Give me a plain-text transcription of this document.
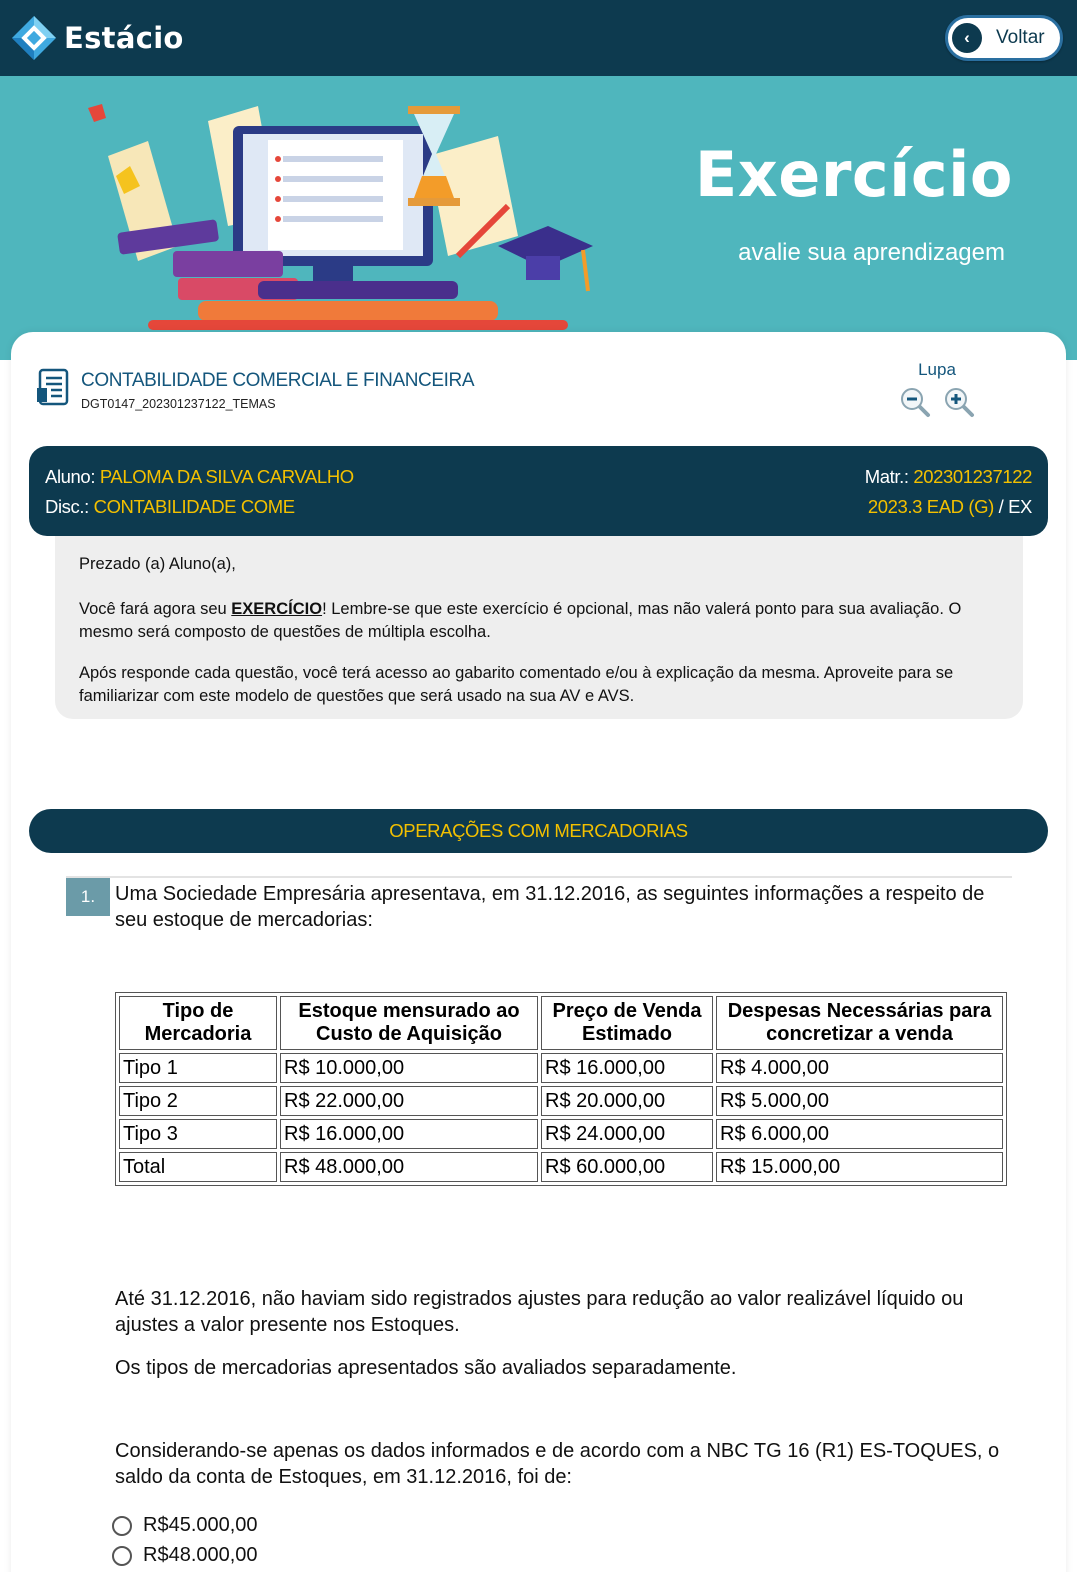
Estácio	‹	Voltar
Exercício
avalie sua aprendizagem
CONTABILIDADE COMERCIAL E FINANCEIRA
DGT0147_202301237122_TEMAS
Lupa
Aluno: PALOMA DA SILVA CARVALHO	Matr.: 202301237122
Disc.: CONTABILIDADE COME	2023.3 EAD (G) / EX

Prezado (a) Aluno(a),

Você fará agora seu EXERCÍCIO! Lembre-se que este exercício é opcional, mas não valerá ponto para sua avaliação. O mesmo será composto de questões de múltipla escolha.

Após responde cada questão, você terá acesso ao gabarito comentado e/ou à explicação da mesma. Aproveite para se familiarizar com este modelo de questões que será usado na sua AV e AVS.

OPERAÇÕES COM MERCADORIAS
1. Uma Sociedade Empresária apresentava, em 31.12.2016, as seguintes informações a respeito de seu estoque de mercadorias:
Tipo de Mercadoria	Estoque mensurado ao Custo de Aquisição	Preço de Venda Estimado	Despesas Necessárias para concretizar a venda
Tipo 1	R$ 10.000,00	R$ 16.000,00	R$ 4.000,00
Tipo 2	R$ 22.000,00	R$ 20.000,00	R$ 5.000,00
Tipo 3	R$ 16.000,00	R$ 24.000,00	R$ 6.000,00
Total	R$ 48.000,00	R$ 60.000,00	R$ 15.000,00
Até 31.12.2016, não haviam sido registrados ajustes para redução ao valor realizável líquido ou ajustes a valor presente nos Estoques.
Os tipos de mercadorias apresentados são avaliados separadamente.
Considerando-se apenas os dados informados e de acordo com a NBC TG 16 (R1) ES-TOQUES, o saldo da conta de Estoques, em 31.12.2016, foi de:
R$45.000,00
R$48.000,00
